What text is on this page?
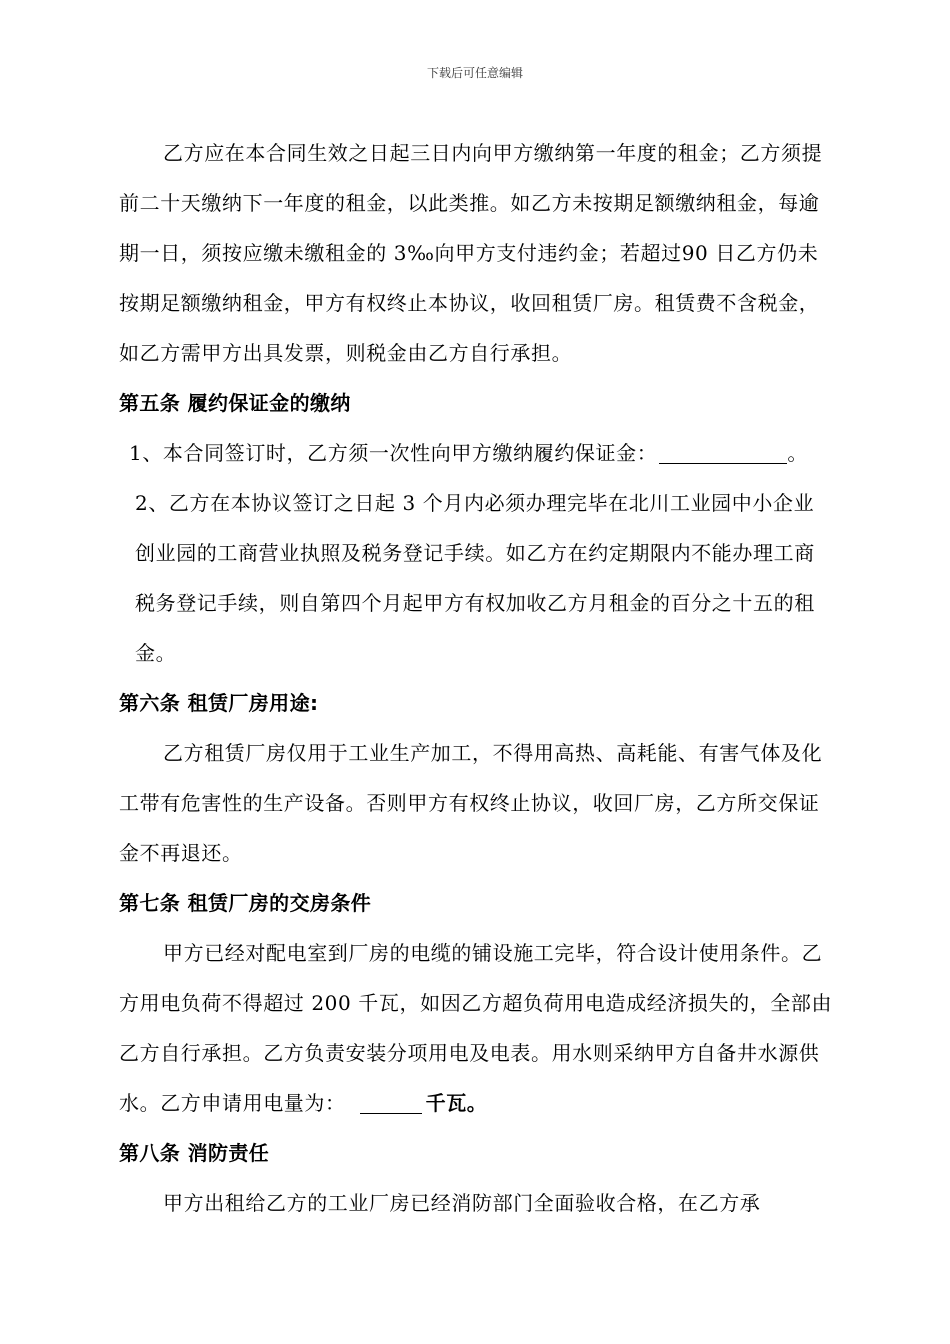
下载后可任意编辑

乙方应在本合同生效之日起三日内向甲方缴纳第一年度的租金；乙方须提前二十天缴纳下一年度的租金，以此类推。如乙方未按期足额缴纳租金，每逾期一日，须按应缴未缴租金的 3‰向甲方支付违约金；若超过90 日乙方仍未按期足额缴纳租金，甲方有权终止本协议，收回租赁厂房。租赁费不含税金，如乙方需甲方出具发票，则税金由乙方自行承担。

第五条 履约保证金的缴纳

1、本合同签订时，乙方须一次性向甲方缴纳履约保证金：	。

2、乙方在本协议签订之日起 3 个月内必须办理完毕在北川工业园中小企业创业园的工商营业执照及税务登记手续。如乙方在约定期限内不能办理工商税务登记手续，则自第四个月起甲方有权加收乙方月租金的百分之十五的租金。

第六条 租赁厂房用途:

乙方租赁厂房仅用于工业生产加工，不得用高热、高耗能、有害气体及化工带有危害性的生产设备。否则甲方有权终止协议，收回厂房，乙方所交保证金不再退还。

第七条 租赁厂房的交房条件

甲方已经对配电室到厂房的电缆的铺设施工完毕，符合设计使用条件。乙方用电负荷不得超过 200 千瓦，如因乙方超负荷用电造成经济损失的，全部由乙方自行承担。乙方负责安装分项用电及电表。用水则采纳甲方自备井水源供水。乙方申请用电量为：	千瓦。

第八条 消防责任

甲方出租给乙方的工业厂房已经消防部门全面验收合格，在乙方承
